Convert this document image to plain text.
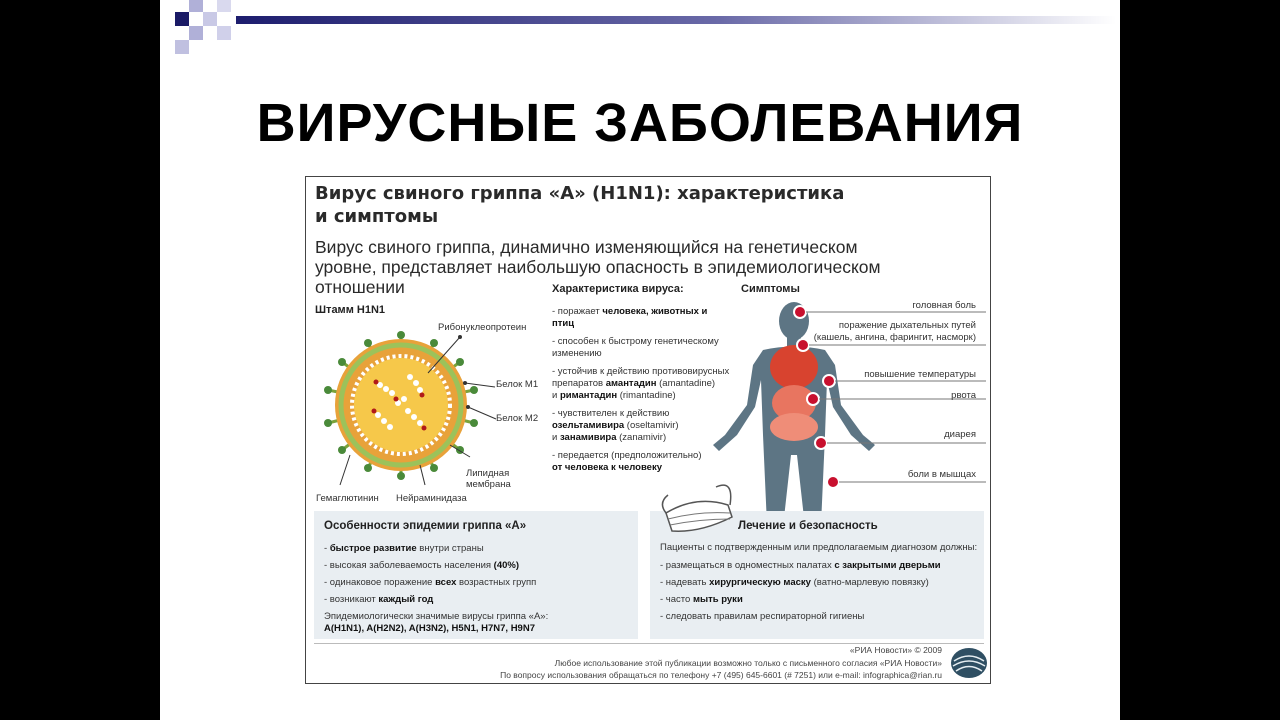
ВИРУСНЫЕ ЗАБОЛЕВАНИЯ
Вирус свиного гриппа «А» (H1N1): характеристика
и симптомы
Вирус свиного гриппа, динамично изменяющийся на генетическом
уровне, представляет наибольшую опасность в эпидемиологическом
отношении
Штамм H1N1
Рибонуклеопротеин
Белок М1
Белок М2
Липидная
мембрана
Гемаглютинин Нейраминидаза
Характеристика вируса:
- поражает человека, животных и
птиц
- способен к быстрому генетическому
изменению
- устойчив к действию противовирусных
препаратов амантадин (amantadine)
и римантадин (rimantadine)
- чувствителен к действию
озельтамивира (oseltamivir)
и занамивира (zanamivir)
- передается (предположительно)
от человека к человеку
Симптомы
головная боль
поражение дыхательных путей
(кашель, ангина, фарингит, насморк)
повышение температуры
рвота
диарея
боли в мышцах
Особенности эпидемии гриппа «А»
- быстрое развитие внутри страны
- высокая заболеваемость населения (40%)
- одинаковое поражение всех возрастных групп
- возникают каждый год
Эпидемиологически значимые вирусы гриппа «А»:
A(H1N1), A(H2N2), A(H3N2), H5N1, H7N7, H9N7
Лечение и безопасность
Пациенты с подтвержденным или предполагаемым диагнозом должны:
- размещаться в одноместных палатах с закрытыми дверьми
- надевать хирургическую маску (ватно-марлевую повязку)
- часто мыть руки
- следовать правилам респираторной гигиены
«РИА Новости» © 2009
Любое использование этой публикации возможно только с письменного согласия «РИА Новости»
По вопросу использования обращаться по телефону +7 (495) 645-6601 (# 7251) или e-mail: infographica@rian.ru
